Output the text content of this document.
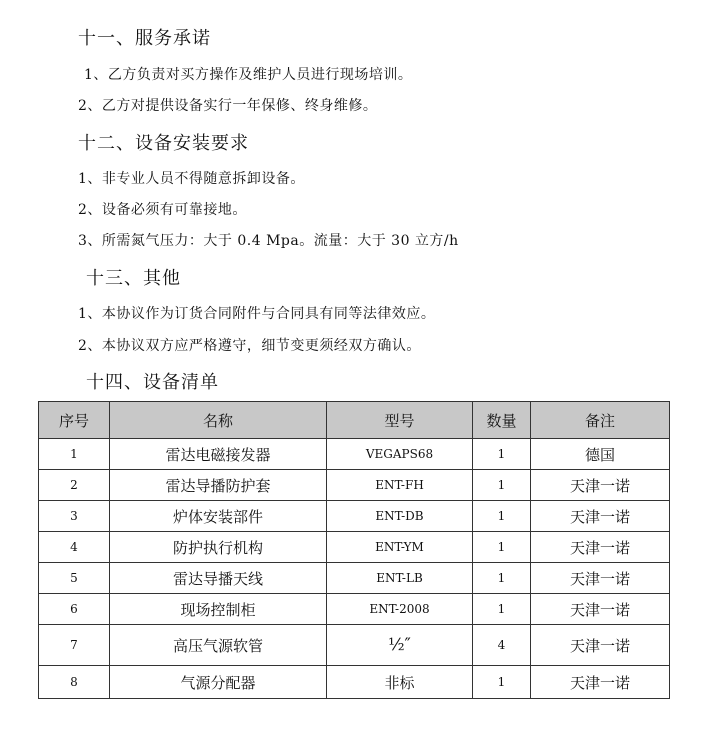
十一、服务承诺
1、乙方负责对买方操作及维护人员进行现场培训。
2、乙方对提供设备实行一年保修、终身维修。
十二、设备安装要求
1、非专业人员不得随意拆卸设备。
2、设备必须有可靠接地。
3、所需氮气压力：大于 0.4 Mpa。流量：大于 30 立方/h
十三、其他
1、本协议作为订货合同附件与合同具有同等法律效应。
2、本协议双方应严格遵守，细节变更须经双方确认。
十四、设备清单
序号	名称	型号	数量	备注
1	雷达电磁接发器	VEGAPS68	1	德国
2	雷达导播防护套	ENT-FH	1	天津一诺
3	炉体安装部件	ENT-DB	1	天津一诺
4	防护执行机构	ENT-YM	1	天津一诺
5	雷达导播天线	ENT-LB	1	天津一诺
6	现场控制柜	ENT-2008	1	天津一诺
7	高压气源软管	½″	4	天津一诺
8	气源分配器	非标	1	天津一诺
